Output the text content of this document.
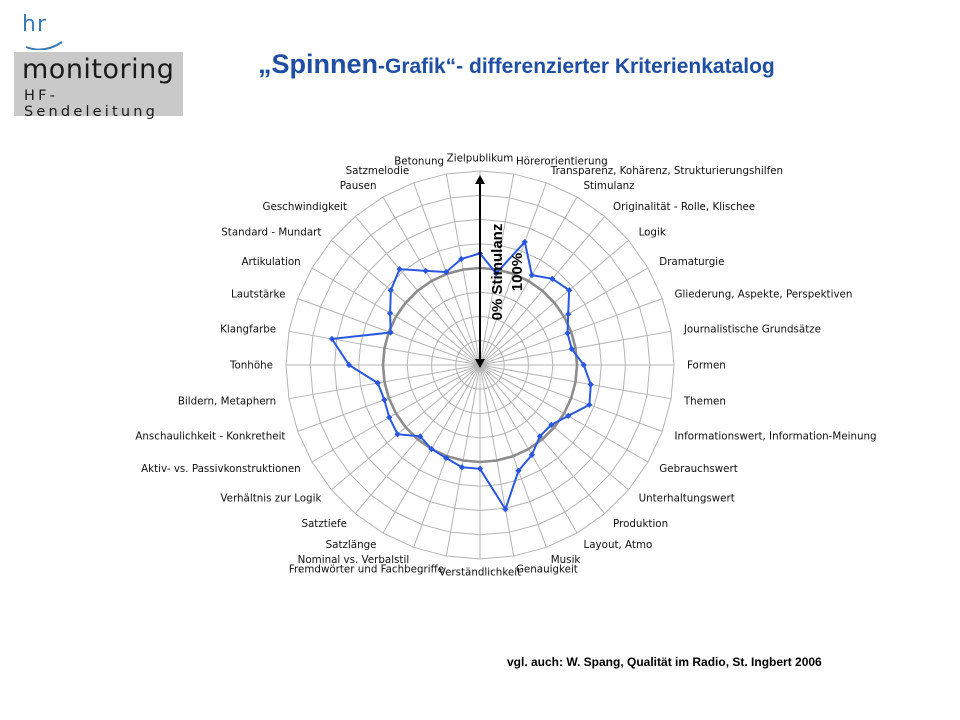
hr
monitoring
HF-Sendeleitung
„Spinnen-Grafik“- differenzierter Kriterienkatalog
Zielpublikum Hörerorientierung
Transparenz, Kohärenz, Strukturierungshilfen
Stimulanz
Originalität - Rolle, Klischee
Logik
Dramaturgie
Gliederung, Aspekte, Perspektiven
Journalistische Grundsätze
Formen
Themen
Informationswert, Information-Meinung
Gebrauchswert
Unterhaltungswert
Produktion
Layout, Atmo
Musik
Genauigkeit
Verständlichkeit
Fremdwörter und Fachbegriffe
Nominal vs. Verbalstil
Satzlänge
Satztiefe
Verhältnis zur Logik
Aktiv- vs. Passivkonstruktionen
Anschaulichkeit - Konkretheit
Bildern, Metaphern
Tonhöhe
Klangfarbe
Lautstärke
Artikulation
Standard - Mundart
Geschwindigkeit
Pausen
Satzmelodie
Betonung
0% Stimulanz 100%
vgl. auch: W. Spang, Qualität im Radio, St. Ingbert 2006
